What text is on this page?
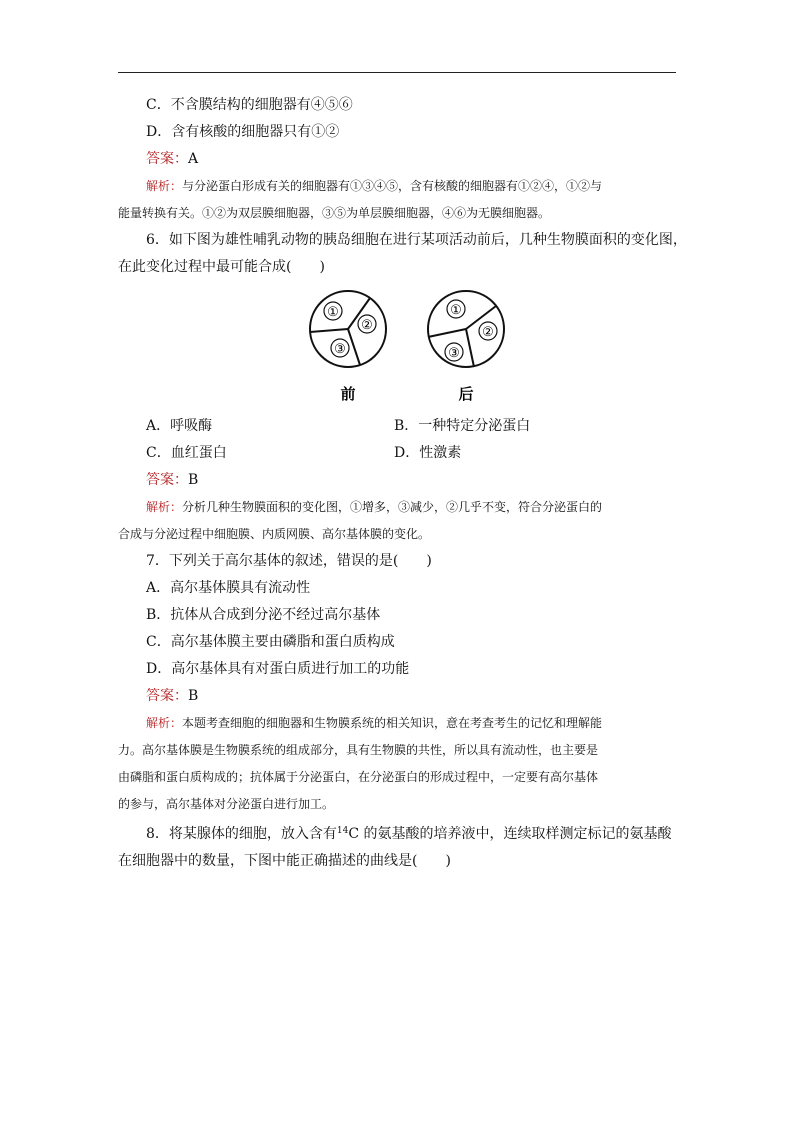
C．不含膜结构的细胞器有④⑤⑥
D．含有核酸的细胞器只有①②
答案：A
解析：与分泌蛋白形成有关的细胞器有①③④⑤，含有核酸的细胞器有①②④，①②与
能量转换有关。①②为双层膜细胞器，③⑤为单层膜细胞器，④⑥为无膜细胞器。
6．如下图为雄性哺乳动物的胰岛细胞在进行某项活动前后，几种生物膜面积的变化图，
在此变化过程中最可能合成(　　)
①
②
③
①
②
③
前	后
A．呼吸酶	B．一种特定分泌蛋白
C．血红蛋白	D．性激素
答案：B
解析：分析几种生物膜面积的变化图，①增多，③减少，②几乎不变，符合分泌蛋白的
合成与分泌过程中细胞膜、内质网膜、高尔基体膜的变化。
7．下列关于高尔基体的叙述，错误的是(　　)
A．高尔基体膜具有流动性
B．抗体从合成到分泌不经过高尔基体
C．高尔基体膜主要由磷脂和蛋白质构成
D．高尔基体具有对蛋白质进行加工的功能
答案：B
解析：本题考查细胞的细胞器和生物膜系统的相关知识，意在考查考生的记忆和理解能
力。高尔基体膜是生物膜系统的组成部分，具有生物膜的共性，所以具有流动性，也主要是
由磷脂和蛋白质构成的；抗体属于分泌蛋白，在分泌蛋白的形成过程中，一定要有高尔基体
的参与，高尔基体对分泌蛋白进行加工。
8．将某腺体的细胞，放入含有$^{14}$C 的氨基酸的培养液中，连续取样测定标记的氨基酸
在细胞器中的数量，下图中能正确描述的曲线是(　　)
